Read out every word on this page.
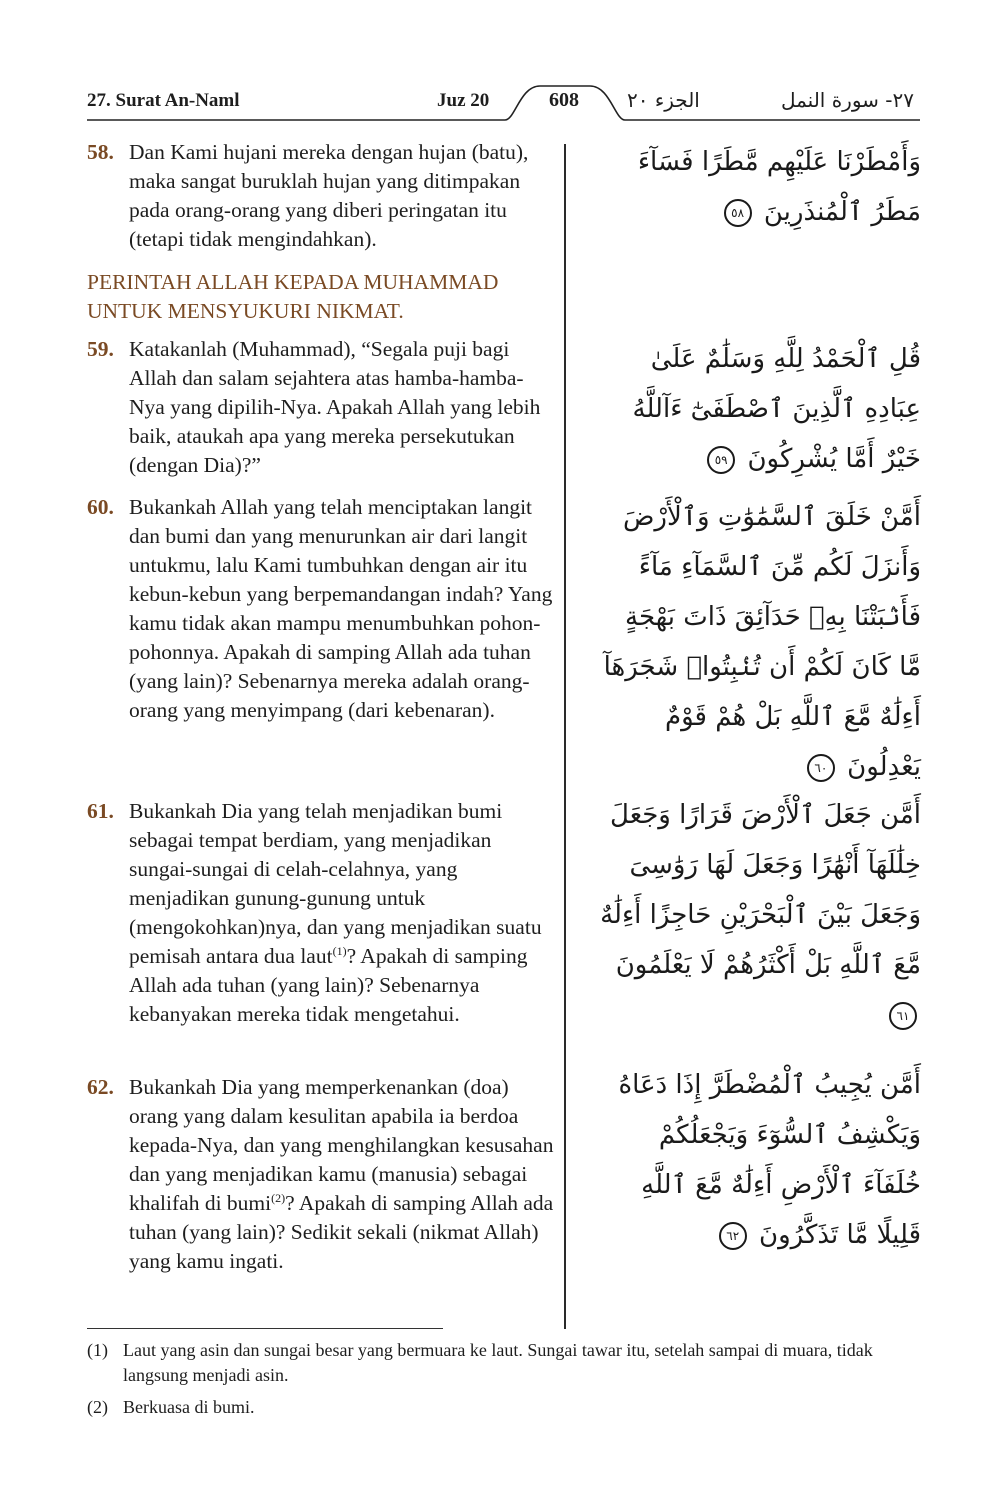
27. Surat An-Naml	Juz 20	608	الجزء ٢٠	٢٧- سورة النمل
58. Dan Kami hujani mereka dengan hujan (batu), maka sangat buruklah hujan yang ditimpakan pada orang-orang yang diberi peringatan itu (tetapi tidak mengindahkan).
PERINTAH ALLAH KEPADA MUHAMMAD UNTUK MENSYUKURI NIKMAT.
59. Katakanlah (Muhammad), “Segala puji bagi Allah dan salam sejahtera atas hamba-hamba-Nya yang dipilih-Nya. Apakah Allah yang lebih baik, ataukah apa yang mereka persekutukan (dengan Dia)?”
60. Bukankah Allah yang telah menciptakan langit dan bumi dan yang menurunkan air dari langit untukmu, lalu Kami tumbuhkan dengan air itu kebun-kebun yang berpemandangan indah? Yang kamu tidak akan mampu menumbuhkan pohon-pohonnya. Apakah di samping Allah ada tuhan (yang lain)? Sebenarnya mereka adalah orang-orang yang menyimpang (dari kebenaran).
61. Bukankah Dia yang telah menjadikan bumi sebagai tempat berdiam, yang menjadikan sungai-sungai di celah-celahnya, yang menjadikan gunung-gunung untuk (mengokohkan)nya, dan yang menjadikan suatu pemisah antara dua laut$^{(1)}$? Apakah di samping Allah ada tuhan (yang lain)? Sebenarnya kebanyakan mereka tidak mengetahui.
62. Bukankah Dia yang memperkenankan (doa) orang yang dalam kesulitan apabila ia berdoa kepada-Nya, dan yang menghilangkan kesusahan dan yang menjadikan kamu (manusia) sebagai khalifah di bumi$^{(2)}$? Apakah di samping Allah ada tuhan (yang lain)? Sedikit sekali (nikmat Allah) yang kamu ingati.
وَأَمْطَرْنَا عَلَيْهِم مَّطَرًا فَسَآءَ مَطَرُ ٱلْمُنذَرِينَ ٥٨
قُلِ ٱلْحَمْدُ لِلَّهِ وَسَلَٰمٌ عَلَىٰ عِبَادِهِ ٱلَّذِينَ ٱصْطَفَىٰٓ ءَآللَّهُ خَيْرٌ أَمَّا يُشْرِكُونَ ٥٩
أَمَّنْ خَلَقَ ٱلسَّمَٰوَٰتِ وَٱلْأَرْضَ وَأَنزَلَ لَكُم مِّنَ ٱلسَّمَآءِ مَآءً فَأَنۢبَتْنَا بِهِۦ حَدَآئِقَ ذَاتَ بَهْجَةٍ مَّا كَانَ لَكُمْ أَن تُنۢبِتُوا۟ شَجَرَهَآ أَءِلَٰهٌ مَّعَ ٱللَّهِ بَلْ هُمْ قَوْمٌ يَعْدِلُونَ ٦٠
أَمَّن جَعَلَ ٱلْأَرْضَ قَرَارًا وَجَعَلَ خِلَٰلَهَآ أَنْهَٰرًا وَجَعَلَ لَهَا رَوَٰسِىَ وَجَعَلَ بَيْنَ ٱلْبَحْرَيْنِ حَاجِزًا أَءِلَٰهٌ مَّعَ ٱللَّهِ بَلْ أَكْثَرُهُمْ لَا يَعْلَمُونَ ٦١
أَمَّن يُجِيبُ ٱلْمُضْطَرَّ إِذَا دَعَاهُ وَيَكْشِفُ ٱلسُّوٓءَ وَيَجْعَلُكُمْ خُلَفَآءَ ٱلْأَرْضِ أَءِلَٰهٌ مَّعَ ٱللَّهِ قَلِيلًا مَّا تَذَكَّرُونَ ٦٢
(1) Laut yang asin dan sungai besar yang bermuara ke laut. Sungai tawar itu, setelah sampai di muara, tidak langsung menjadi asin.
(2) Berkuasa di bumi.
